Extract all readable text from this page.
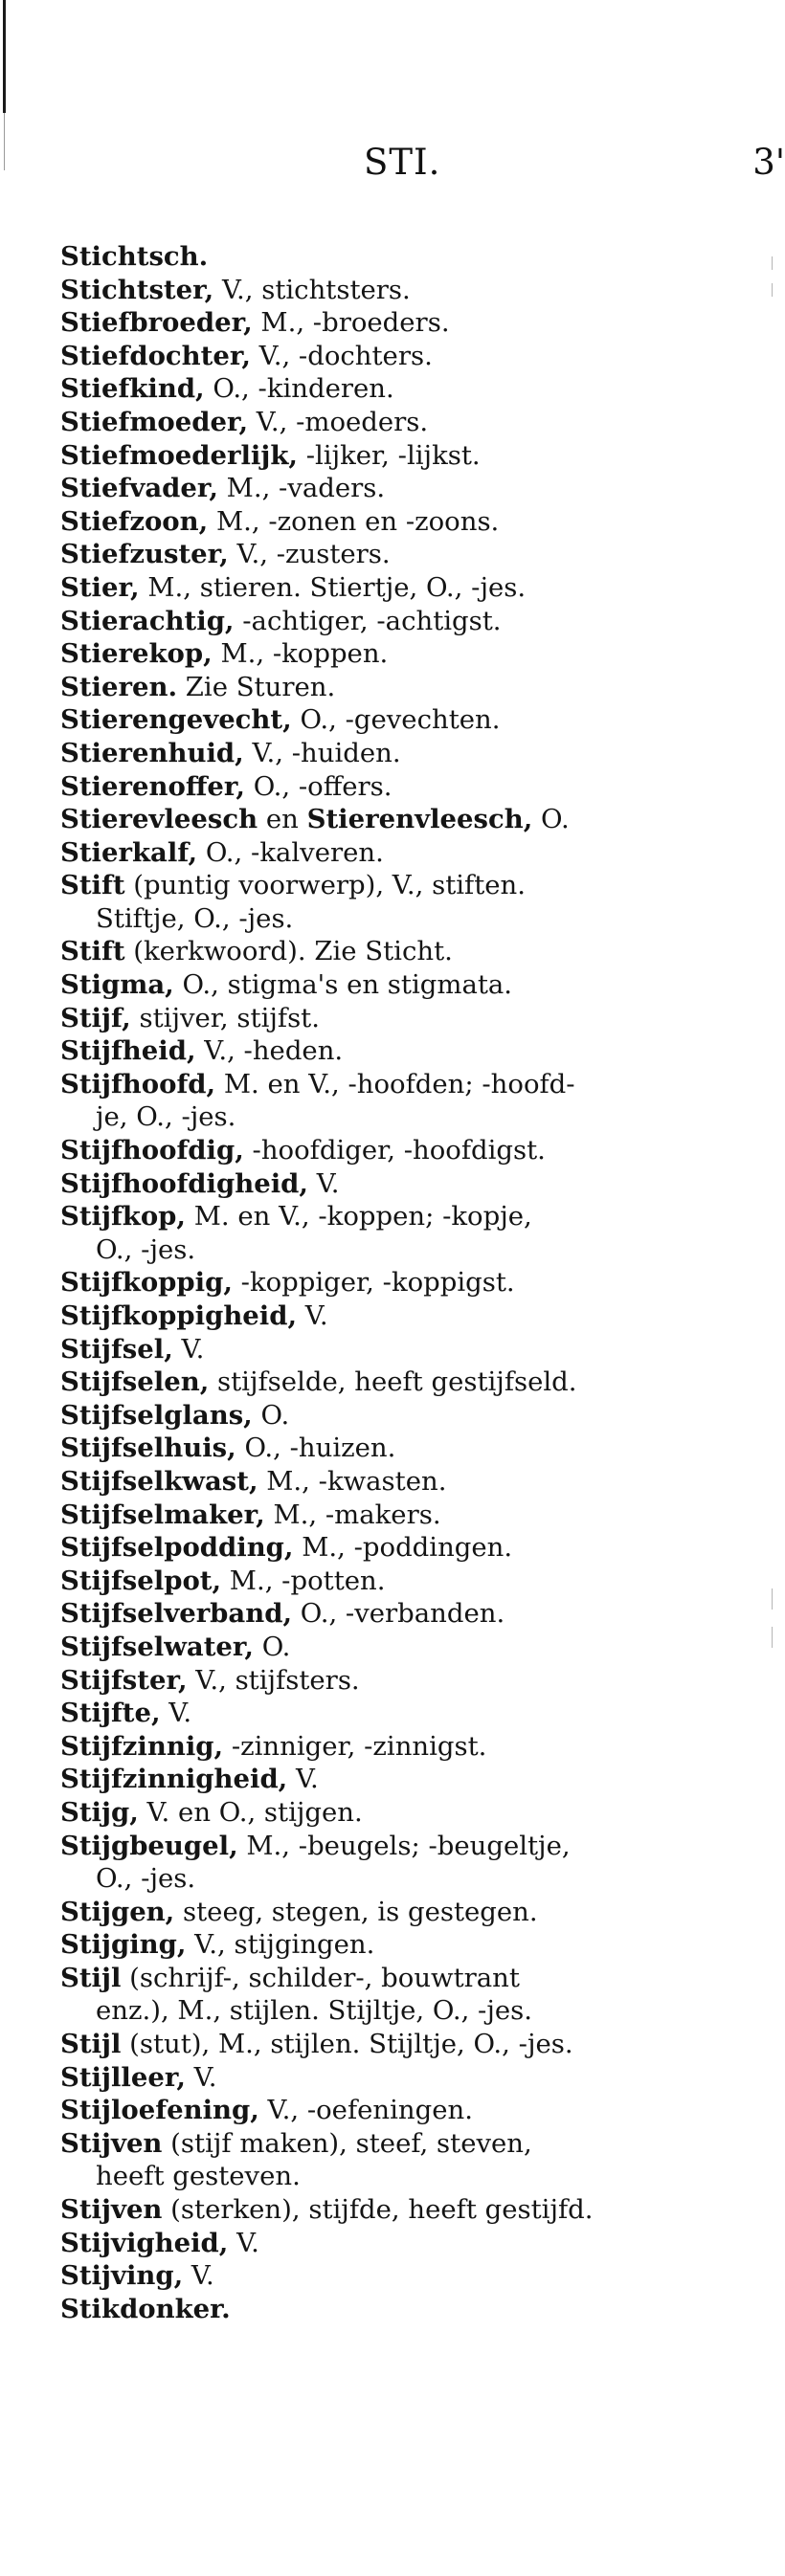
STI.	3'
Stichtsch.
Stichtster, V., stichtsters.
Stiefbroeder, M., -broeders.
Stiefdochter, V., -dochters.
Stiefkind, O., -kinderen.
Stiefmoeder, V., -moeders.
Stiefmoederlijk, -lijker, -lijkst.
Stiefvader, M., -vaders.
Stiefzoon, M., -zonen en -zoons.
Stiefzuster, V., -zusters.
Stier, M., stieren. Stiertje, O., -jes.
Stierachtig, -achtiger, -achtigst.
Stierekop, M., -koppen.
Stieren. Zie Sturen.
Stierengevecht, O., -gevechten.
Stierenhuid, V., -huiden.
Stierenoffer, O., -offers.
Stierevleesch en Stierenvleesch, O.
Stierkalf, O., -kalveren.
Stift (puntig voorwerp), V., stiften.
Stiftje, O., -jes.
Stift (kerkwoord). Zie Sticht.
Stigma, O., stigma's en stigmata.
Stijf, stijver, stijfst.
Stijfheid, V., -heden.
Stijfhoofd, M. en V., -hoofden; -hoofd-
je, O., -jes.
Stijfhoofdig, -hoofdiger, -hoofdigst.
Stijfhoofdigheid, V.
Stijfkop, M. en V., -koppen; -kopje,
O., -jes.
Stijfkoppig, -koppiger, -koppigst.
Stijfkoppigheid, V.
Stijfsel, V.
Stijfselen, stijfselde, heeft gestijfseld.
Stijfselglans, O.
Stijfselhuis, O., -huizen.
Stijfselkwast, M., -kwasten.
Stijfselmaker, M., -makers.
Stijfselpodding, M., -poddingen.
Stijfselpot, M., -potten.
Stijfselverband, O., -verbanden.
Stijfselwater, O.
Stijfster, V., stijfsters.
Stijfte, V.
Stijfzinnig, -zinniger, -zinnigst.
Stijfzinnigheid, V.
Stijg, V. en O., stijgen.
Stijgbeugel, M., -beugels; -beugeltje,
O., -jes.
Stijgen, steeg, stegen, is gestegen.
Stijging, V., stijgingen.
Stijl (schrijf-, schilder-, bouwtrant
enz.), M., stijlen. Stijltje, O., -jes.
Stijl (stut), M., stijlen. Stijltje, O., -jes.
Stijlleer, V.
Stijloefening, V., -oefeningen.
Stijven (stijf maken), steef, steven,
heeft gesteven.
Stijven (sterken), stijfde, heeft gestijfd.
Stijvigheid, V.
Stijving, V.
Stikdonker.
